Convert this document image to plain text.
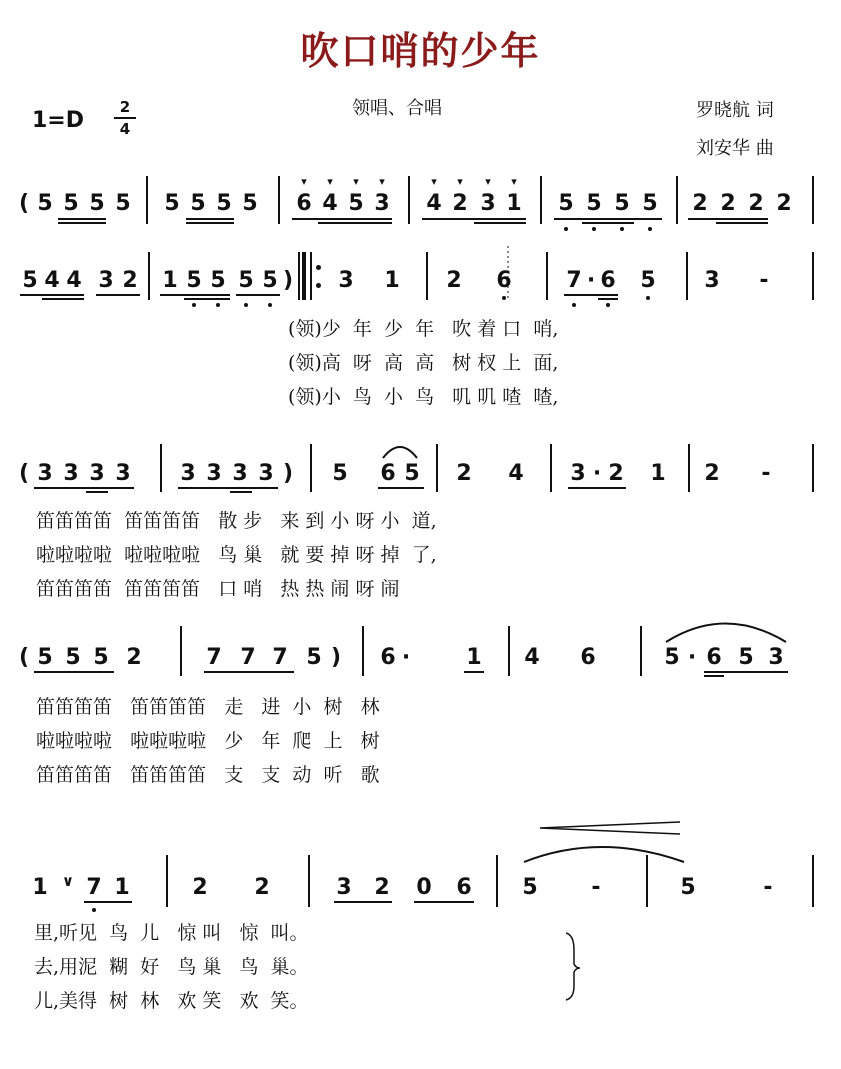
吹口哨的少年
1=D
2
4
领唱、合唱	罗晓航 词
刘安华 曲
( 5 5 5 5 5 5 5 5 6 4 5 3 4 2 3 1 5 5 5 5 2 2 2 2
▾ ▾ ▾ ▾	▾ ▾ ▾ ▾
5 4 4 3 2 1 5 5 5 5 ) 3 1 2 6 7 · 6 5 3 -
(领)少  年  少  年   吹 着 口  哨,
(领)高  呀  高  高   树 杈 上  面,
(领)小  鸟  小  鸟   叽 叽 喳  喳,
( 3 3 3 3 3 3 3 3 ) 5 6 5 2 4 3 · 2 1 2 -
笛笛笛笛  笛笛笛笛   散 步   来 到 小 呀 小  道,
啦啦啦啦  啦啦啦啦   鸟 巢   就 要 掉 呀 掉  了,
笛笛笛笛  笛笛笛笛   口 哨   热 热 闹 呀 闹
( 5 5 5 2	7 7 7 5 ) 6 ·	1 4 6	5 · 6 5 3
笛笛笛笛   笛笛笛笛   走   进  小  树   林
啦啦啦啦   啦啦啦啦   少   年  爬  上   树
笛笛笛笛   笛笛笛笛   支   支  动  听   歌
1 ∨ 7 1	2 2	3 2 0 6 5 -	5	-
里,听见  鸟  儿   惊 叫   惊  叫。
去,用泥  糊  好   鸟 巢   鸟  巢。
儿,美得  树  林   欢 笑   欢  笑。
